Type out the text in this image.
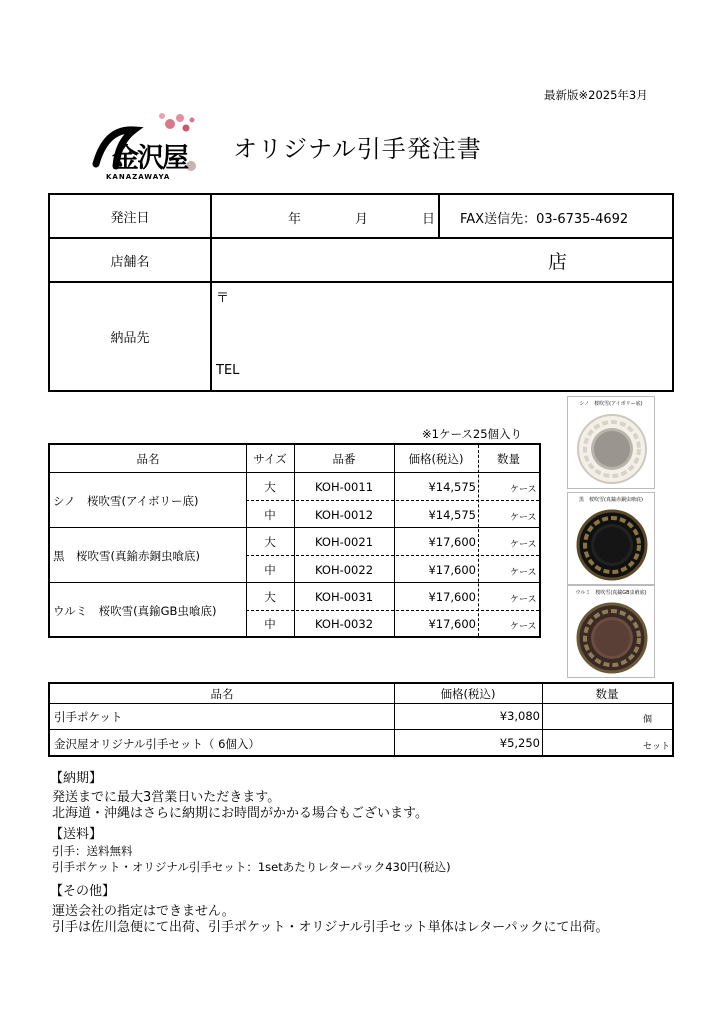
最新版※2025年3月
金沢屋
KANAZAWAYA
オリジナル引手発注書
発注日	年	月	日 FAX送信先：03-6735-4692
店舗名	店
納品先
〒
TEL
※1ケース25個入り
品名	サイズ	品番	価格(税込)	数量
シノ　桜吹雪(アイボリー底)
大	KOH-0011	¥14,575	ケース
中	KOH-0012	¥14,575	ケース
黒　桜吹雪(真鍮赤銅虫喰底)
大	KOH-0021	¥17,600	ケース
中	KOH-0022	¥17,600	ケース
ウルミ　桜吹雪(真鍮GB虫喰底)
大	KOH-0031	¥17,600	ケース
中	KOH-0032	¥17,600	ケース
シノ　桜吹雪(アイボリー底)
黒　桜吹雪(真鍮赤銅虫喰底)
ウルミ　桜吹雪(真鍮GB虫喰底)
品名	価格(税込)	数量
引手ポケット	¥3,080	個
金沢屋オリジナル引手セット（ 6個入）	¥5,250	セット
【納期】
発送までに最大3営業日いただきます。
北海道・沖縄はさらに納期にお時間がかかる場合もございます。
【送料】
引手：送料無料
引手ポケット・オリジナル引手セット：1setあたりレターパック430円(税込)
【その他】
運送会社の指定はできません。
引手は佐川急便にて出荷、引手ポケット・オリジナル引手セット単体はレターパックにて出荷。
